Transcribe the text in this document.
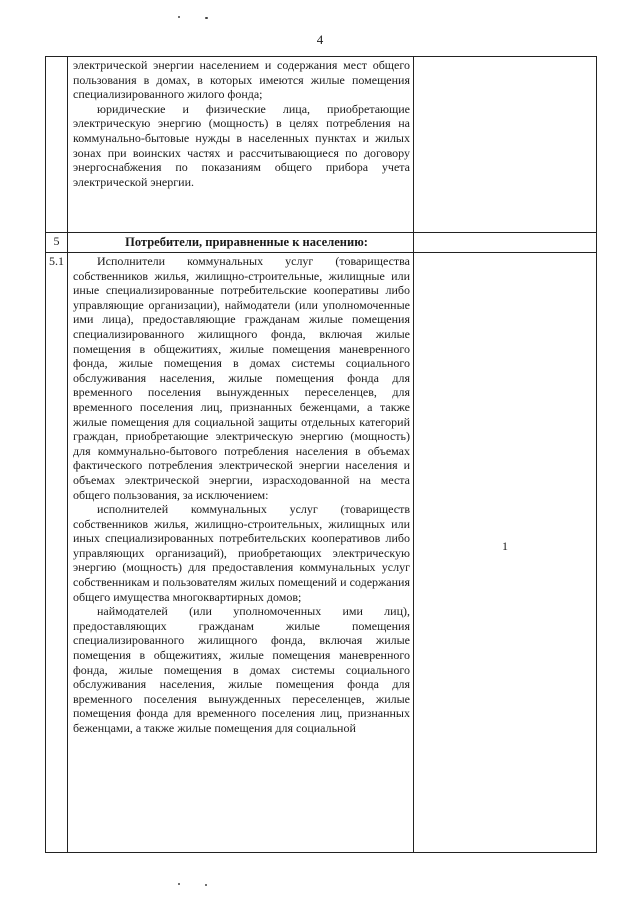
4

	электрической энергии населением и содержания мест общего пользования в домах, в которых имеются жилые помещения специализированного жилого фонда;

юридические и физические лица, приобретающие электрическую энергию (мощность) в целях потребления на коммунально-бытовые нужды в населенных пунктах и жилых зонах при воинских частях и рассчитывающиеся по договору энергоснабжения по показаниям общего прибора учета электрической энергии.	

5	Потребители, приравненные к населению:	

5.1	Исполнители коммунальных услуг (товарищества собственников жилья, жилищно-строительные, жилищные или иные специализированные потребительские кооперативы либо управляющие организации), наймодатели (или уполномоченные ими лица), предоставляющие гражданам жилые помещения специализированного жилищного фонда, включая жилые помещения в общежитиях, жилые помещения маневренного фонда, жилые помещения в домах системы социального обслуживания населения, жилые помещения фонда для временного поселения вынужденных переселенцев, для временного поселения лиц, признанных беженцами, а также жилые помещения для социальной защиты отдельных категорий граждан, приобретающие электрическую энергию (мощность) для коммунально-бытового потребления населения в объемах фактического потребления электрической энергии населения и объемах электрической энергии, израсходованной на места общего пользования, за исключением:

исполнителей коммунальных услуг (товариществ собственников жилья, жилищно-строительных, жилищных или иных специализированных потребительских кооперативов либо управляющих организаций), приобретающих электрическую энергию (мощность) для предоставления коммунальных услуг собственникам и пользователям жилых помещений и содержания общего имущества многоквартирных домов;

наймодателей (или уполномоченных ими лиц), предоставляющих гражданам жилые помещения специализированного жилищного фонда, включая жилые помещения в общежитиях, жилые помещения маневренного фонда, жилые помещения в домах системы социального обслуживания населения, жилые помещения фонда для временного поселения вынужденных переселенцев, жилые помещения фонда для временного поселения лиц, признанных беженцами, а также жилые помещения для социальной	1
